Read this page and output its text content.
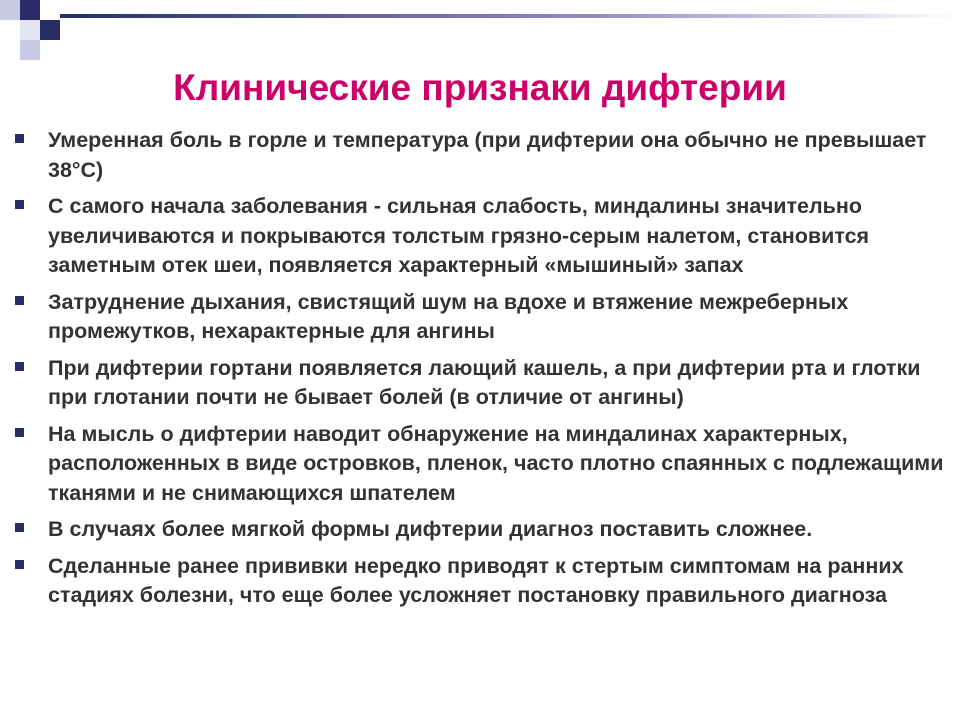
Клинические признаки дифтерии
Умеренная боль в горле и температура (при дифтерии она обычно не превышает 38°С)
С самого начала заболевания - сильная слабость, миндалины значительно увеличиваются и покрываются толстым грязно-серым налетом, становится заметным отек шеи, появляется характерный «мышиный» запах
Затруднение дыхания, свистящий шум на вдохе и втяжение межреберных промежутков, нехарактерные для ангины
При дифтерии гортани появляется лающий кашель, а при дифтерии рта и глотки при глотании почти не бывает болей (в отличие от ангины)
На мысль о дифтерии наводит обнаружение на миндалинах характерных, расположенных в виде островков, пленок, часто плотно спаянных с подлежащими тканями и не снимающихся шпателем
В случаях более мягкой формы дифтерии диагноз поставить сложнее.
Сделанные ранее прививки нередко приводят к стертым симптомам на ранних стадиях болезни, что еще более усложняет постановку правильного диагноза
